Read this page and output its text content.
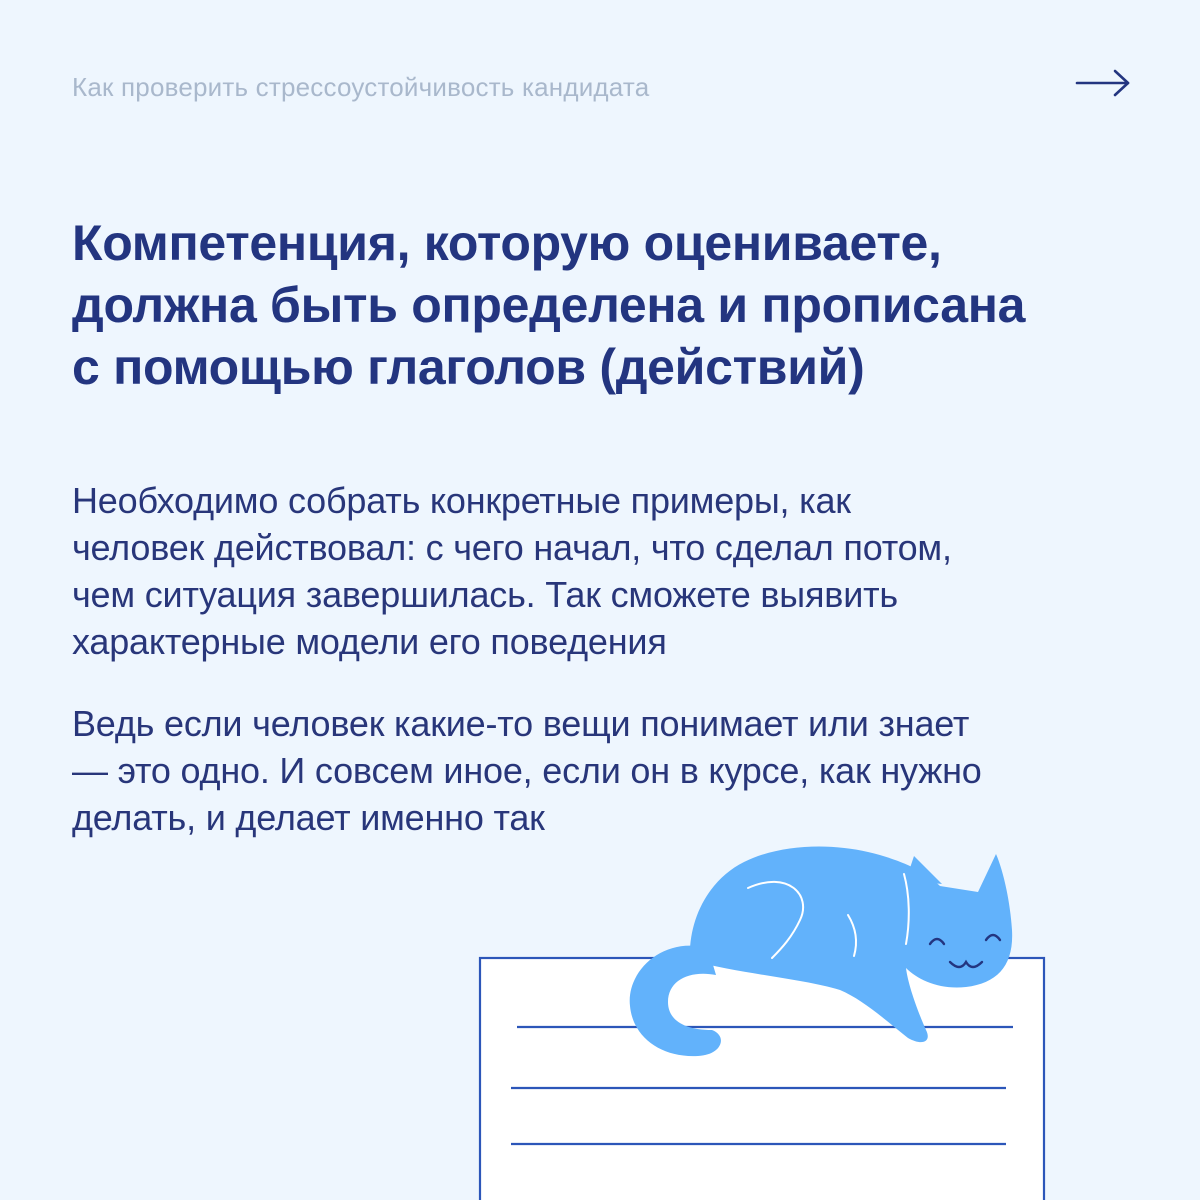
Как проверить стрессоустойчивость кандидата
Компетенция, которую оцениваете,
должна быть определена и прописана
с помощью глаголов (действий)
Необходимо собрать конкретные примеры, как
человек действовал: с чего начал, что сделал потом,
чем ситуация завершилась. Так сможете выявить
характерные модели его поведения
Ведь если человек какие-то вещи понимает или знает
— это одно. И совсем иное, если он в курсе, как нужно
делать, и делает именно так
